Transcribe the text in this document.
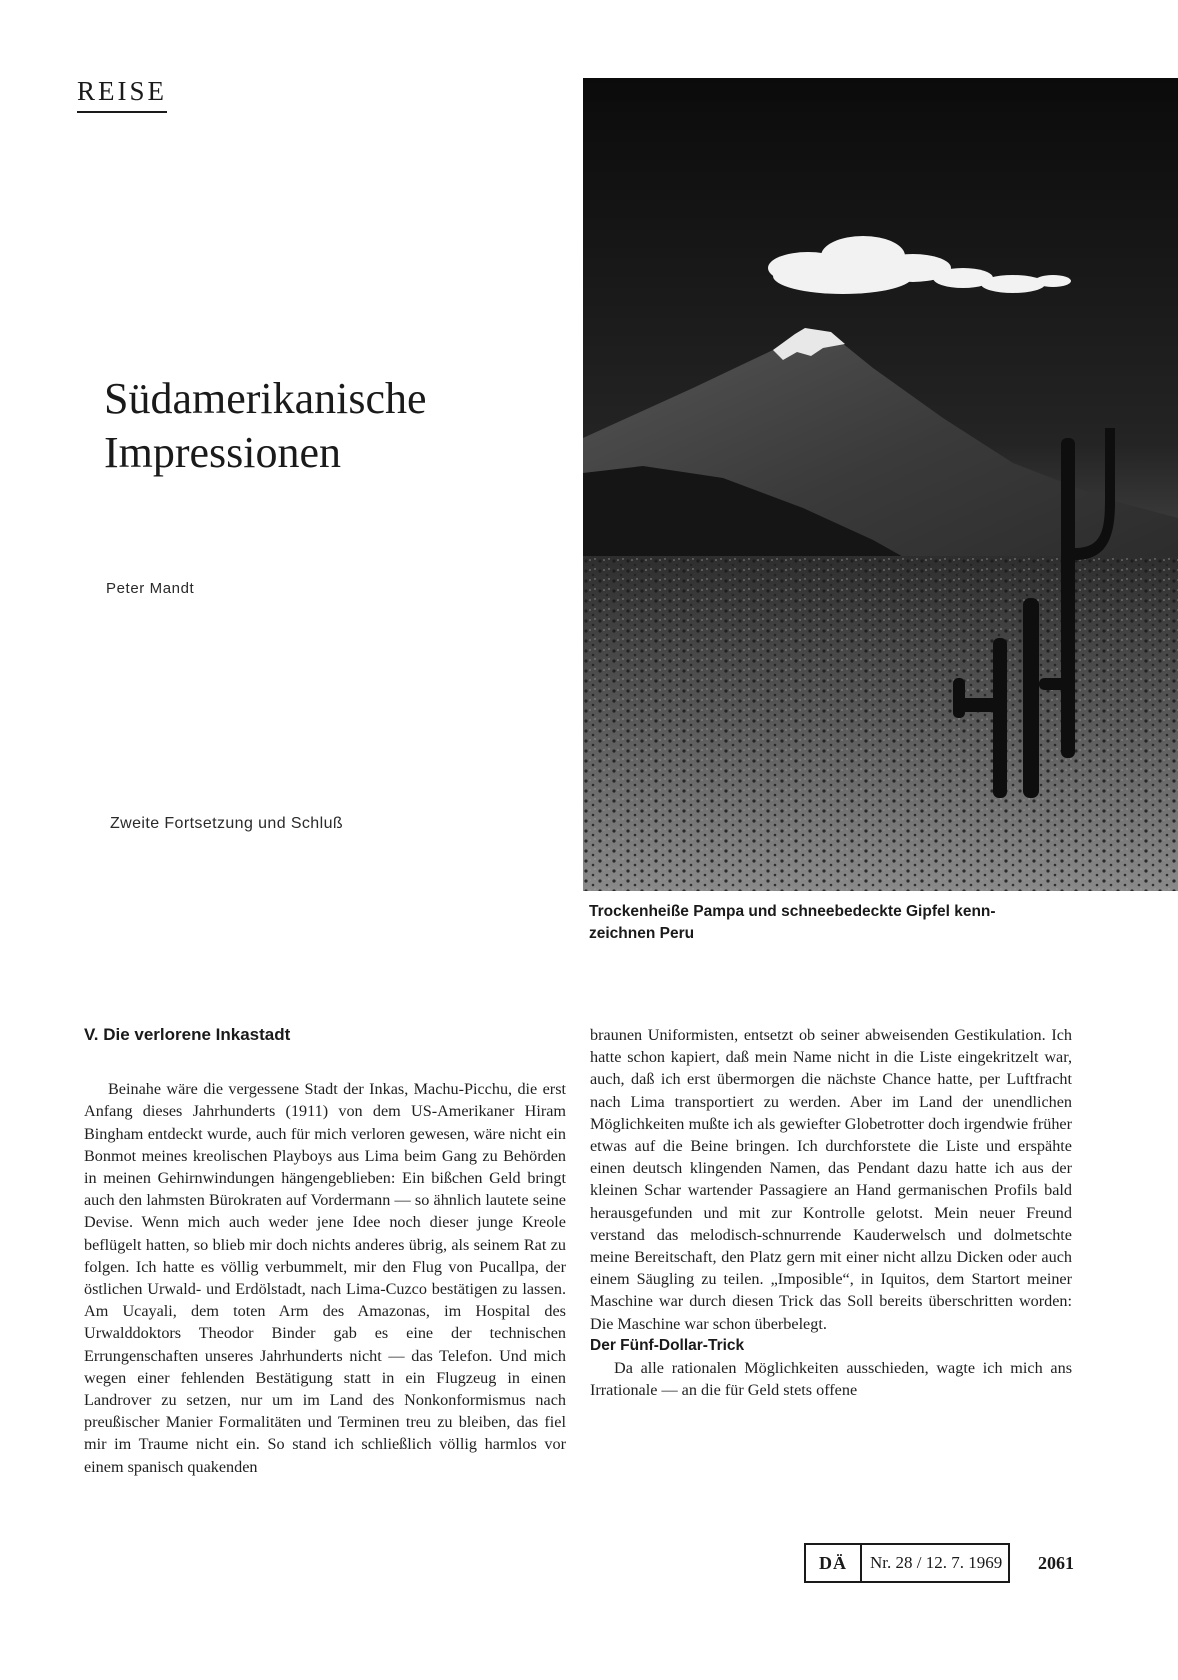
REISE
Südamerikanische
Impressionen
Peter Mandt
Zweite Fortsetzung und Schluß

Trockenheiße Pampa und schneebedeckte Gipfel kenn-
zeichnen Peru

V. Die verlorene Inkastadt

Beinahe wäre die vergessene Stadt der Inkas, Machu-Picchu, die erst Anfang dieses Jahrhunderts (1911) von dem US-Amerikaner Hiram Bingham entdeckt wurde, auch für mich verloren gewesen, wäre nicht ein Bonmot meines kreolischen Playboys aus Lima beim Gang zu Behörden in meinen Gehirnwindungen hängengeblieben: Ein bißchen Geld bringt auch den lahmsten Bürokraten auf Vordermann — so ähnlich lautete seine Devise. Wenn mich auch weder jene Idee noch dieser junge Kreole beflügelt hatten, so blieb mir doch nichts anderes übrig, als seinem Rat zu folgen. Ich hatte es völlig verbummelt, mir den Flug von Pucallpa, der östlichen Urwald- und Erdölstadt, nach Lima-Cuzco bestätigen zu lassen. Am Ucayali, dem toten Arm des Amazonas, im Hospital des Urwalddoktors Theodor Binder gab es eine der technischen Errungenschaften unseres Jahrhunderts nicht — das Telefon. Und mich wegen einer fehlenden Bestätigung statt in ein Flugzeug in einen Landrover zu setzen, nur um im Land des Nonkonformismus nach preußischer Manier Formalitäten und Terminen treu zu bleiben, das fiel mir im Traume nicht ein. So stand ich schließlich völlig harmlos vor einem spanisch quakenden

braunen Uniformisten, entsetzt ob seiner abweisenden Gestikulation. Ich hatte schon kapiert, daß mein Name nicht in die Liste eingekritzelt war, auch, daß ich erst übermorgen die nächste Chance hatte, per Luftfracht nach Lima transportiert zu werden. Aber im Land der unendlichen Möglichkeiten mußte ich als gewiefter Globetrotter doch irgendwie früher etwas auf die Beine bringen. Ich durchforstete die Liste und erspähte einen deutsch klingenden Namen, das Pendant dazu hatte ich aus der kleinen Schar wartender Passagiere an Hand germanischen Profils bald herausgefunden und mit zur Kontrolle gelotst. Mein neuer Freund verstand das melodisch-schnurrende Kauderwelsch und dolmetschte meine Bereitschaft, den Platz gern mit einer nicht allzu Dicken oder auch einem Säugling zu teilen. „Imposible“, in Iquitos, dem Startort meiner Maschine war durch diesen Trick das Soll bereits überschritten worden: Die Maschine war schon überbelegt.

Der Fünf-Dollar-Trick

Da alle rationalen Möglichkeiten ausschieden, wagte ich mich ans Irrationale — an die für Geld stets offene

DÄ	Nr. 28 / 12. 7. 1969	2061
